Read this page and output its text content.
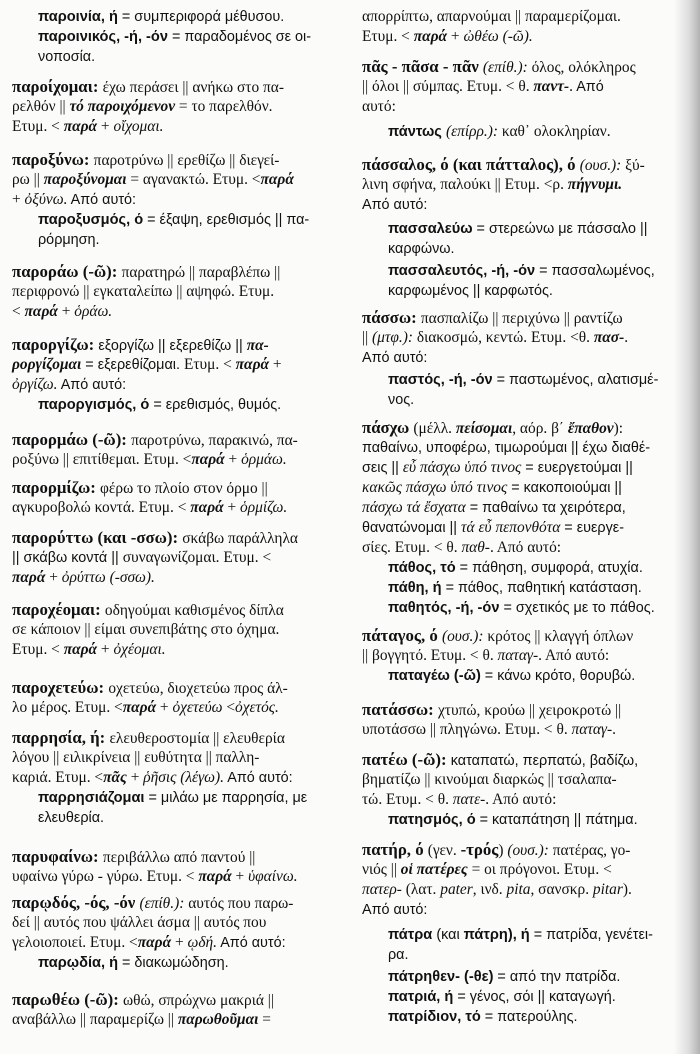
παροινία, ή = συμπεριφορά μέθυσου.
παροινικός, -ή, -όν = παραδομένος σε οι-
νοποσία.
παροίχομαι: έχω περάσει || ανήκω στο πα-
ρελθόν || τό παροιχόμενον = το παρελθόν.
Ετυμ. < παρά + οἴχομαι.
παροξύνω: παροτρύνω || ερεθίζω || διεγεί-
ρω || παροξύνομαι = αγανακτώ. Ετυμ. <παρά
+ ὀξύνω. Από αυτό:
παροξυσμός, ό = έξαψη, ερεθισμός || πα-
ρόρμηση.
παροράω (-ῶ): παρατηρώ || παραβλέπω ||
περιφρονώ || εγκαταλείπω || αψηφώ. Ετυμ.
< παρά + ὁράω.
παροργίζω: εξοργίζω || εξερεθίζω || πα-
ροργίζομαι = εξερεθίζομαι. Ετυμ. < παρά +
ὀργίζω. Από αυτό:
παροργισμός, ό = ερεθισμός, θυμός.
παρορμάω (-ῶ): παροτρύνω, παρακινώ, πα-
ροξύνω || επιτίθεμαι. Ετυμ. <παρά + ὁρμάω.
παρορμίζω: φέρω το πλοίο στον όρμο ||
αγκυροβολώ κοντά. Ετυμ. < παρά + ὁρμίζω.
παρορύττω (και -σσω): σκάβω παράλληλα
|| σκάβω κοντά || συναγωνίζομαι. Ετυμ. <
παρά + ὀρύττω (-σσω).
παροχέομαι: οδηγούμαι καθισμένος δίπλα
σε κάποιον || είμαι συνεπιβάτης στο όχημα.
Ετυμ. < παρά + ὀχέομαι.
παροχετεύω: οχετεύω, διοχετεύω προς άλ-
λο μέρος. Ετυμ. <παρά + ὀχετεύω <ὀχετός.
παρρησία, ή: ελευθεροστομία || ελευθερία
λόγου || ειλικρίνεια || ευθύτητα || παλλη-
καριά. Ετυμ. <πᾶς + ῥῆσις (λέγω). Από αυτό:
παρρησιάζομαι = μιλάω με παρρησία, με
ελευθερία.
παρυφαίνω: περιβάλλω από παντού ||
υφαίνω γύρω - γύρω. Ετυμ. < παρά + ὑφαίνω.
παρῳδός, -ός, -όν (επίθ.): αυτός που παρω-
δεί || αυτός που ψάλλει άσμα || αυτός που
γελοιοποιεί. Ετυμ. <παρά + ῳδή. Από αυτό:
παρῳδία, ή = διακωμώδηση.
παρωθέω (-ῶ): ωθώ, σπρώχνω μακριά ||
αναβάλλω || παραμερίζω || παρωθοῦμαι =
απορρίπτω, απαρνούμαι || παραμερίζομαι.
Ετυμ. < παρά + ὠθέω (-ῶ).
πᾶς - πᾶσα - πᾶν (επίθ.): όλος, ολόκληρος
|| όλοι || σύμπας. Ετυμ. < θ. παντ-. Από
αυτό:
πάντως (επίρρ.): καθ᾽ ολοκληρίαν.
πάσσαλος, ό (και πάτταλος), ό (ουσ.): ξύ-
λινη σφήνα, παλούκι || Ετυμ. <ρ. πήγνυμι.
Από αυτό:
πασσαλεύω = στερεώνω με πάσσαλο ||
καρφώνω.
πασσαλευτός, -ή, -όν = πασσαλωμένος,
καρφωμένος || καρφωτός.
πάσσω: πασπαλίζω || περιχύνω || ραντίζω
|| (μτφ.): διακοσμώ, κεντώ. Ετυμ. <θ. πασ-.
Από αυτό:
παστός, -ή, -όν = παστωμένος, αλατισμέ-
νος.
πάσχω (μέλλ. πείσομαι, αόρ. β΄ ἔπαθον):
παθαίνω, υποφέρω, τιμωρούμαι || έχω διαθέ-
σεις || εὖ πάσχω ὑπό τινος = ευεργετούμαι ||
κακῶς πάσχω ὑπό τινος = κακοποιούμαι ||
πάσχω τά ἔσχατα = παθαίνω τα χειρότερα,
θανατώνομαι || τά εὖ πεπονθότα = ευεργε-
σίες. Ετυμ. < θ. παθ-. Από αυτό:
πάθος, τό = πάθηση, συμφορά, ατυχία.
πάθη, ή = πάθος, παθητική κατάσταση.
παθητός, -ή, -όν = σχετικός με το πάθος.
πάταγος, ό (ουσ.): κρότος || κλαγγή όπλων
|| βογγητό. Ετυμ. < θ. παταγ-. Από αυτό:
παταγέω (-ῶ) = κάνω κρότο, θορυβώ.
πατάσσω: χτυπώ, κρούω || χειροκροτώ ||
υποτάσσω || πληγώνω. Ετυμ. < θ. παταγ-.
πατέω (-ῶ): καταπατώ, περπατώ, βαδίζω,
βηματίζω || κινούμαι διαρκώς || τσαλαπα-
τώ. Ετυμ. < θ. πατε-. Από αυτό:
πατησμός, ό = καταπάτηση || πάτημα.
πατήρ, ό (γεν. -τρός) (ουσ.): πατέρας, γο-
νιός || οἱ πατέρες = οι πρόγονοι. Ετυμ. <
πατερ- (λατ. pater, ινδ. pita, σανσκρ. pitar).
Από αυτό:
πάτρα (και πάτρη), ή = πατρίδα, γενέτει-
ρα.
πάτρηθεν- (-θε) = από την πατρίδα.
πατριά, ή = γένος, σόι || καταγωγή.
πατρίδιον, τό = πατερούλης.
